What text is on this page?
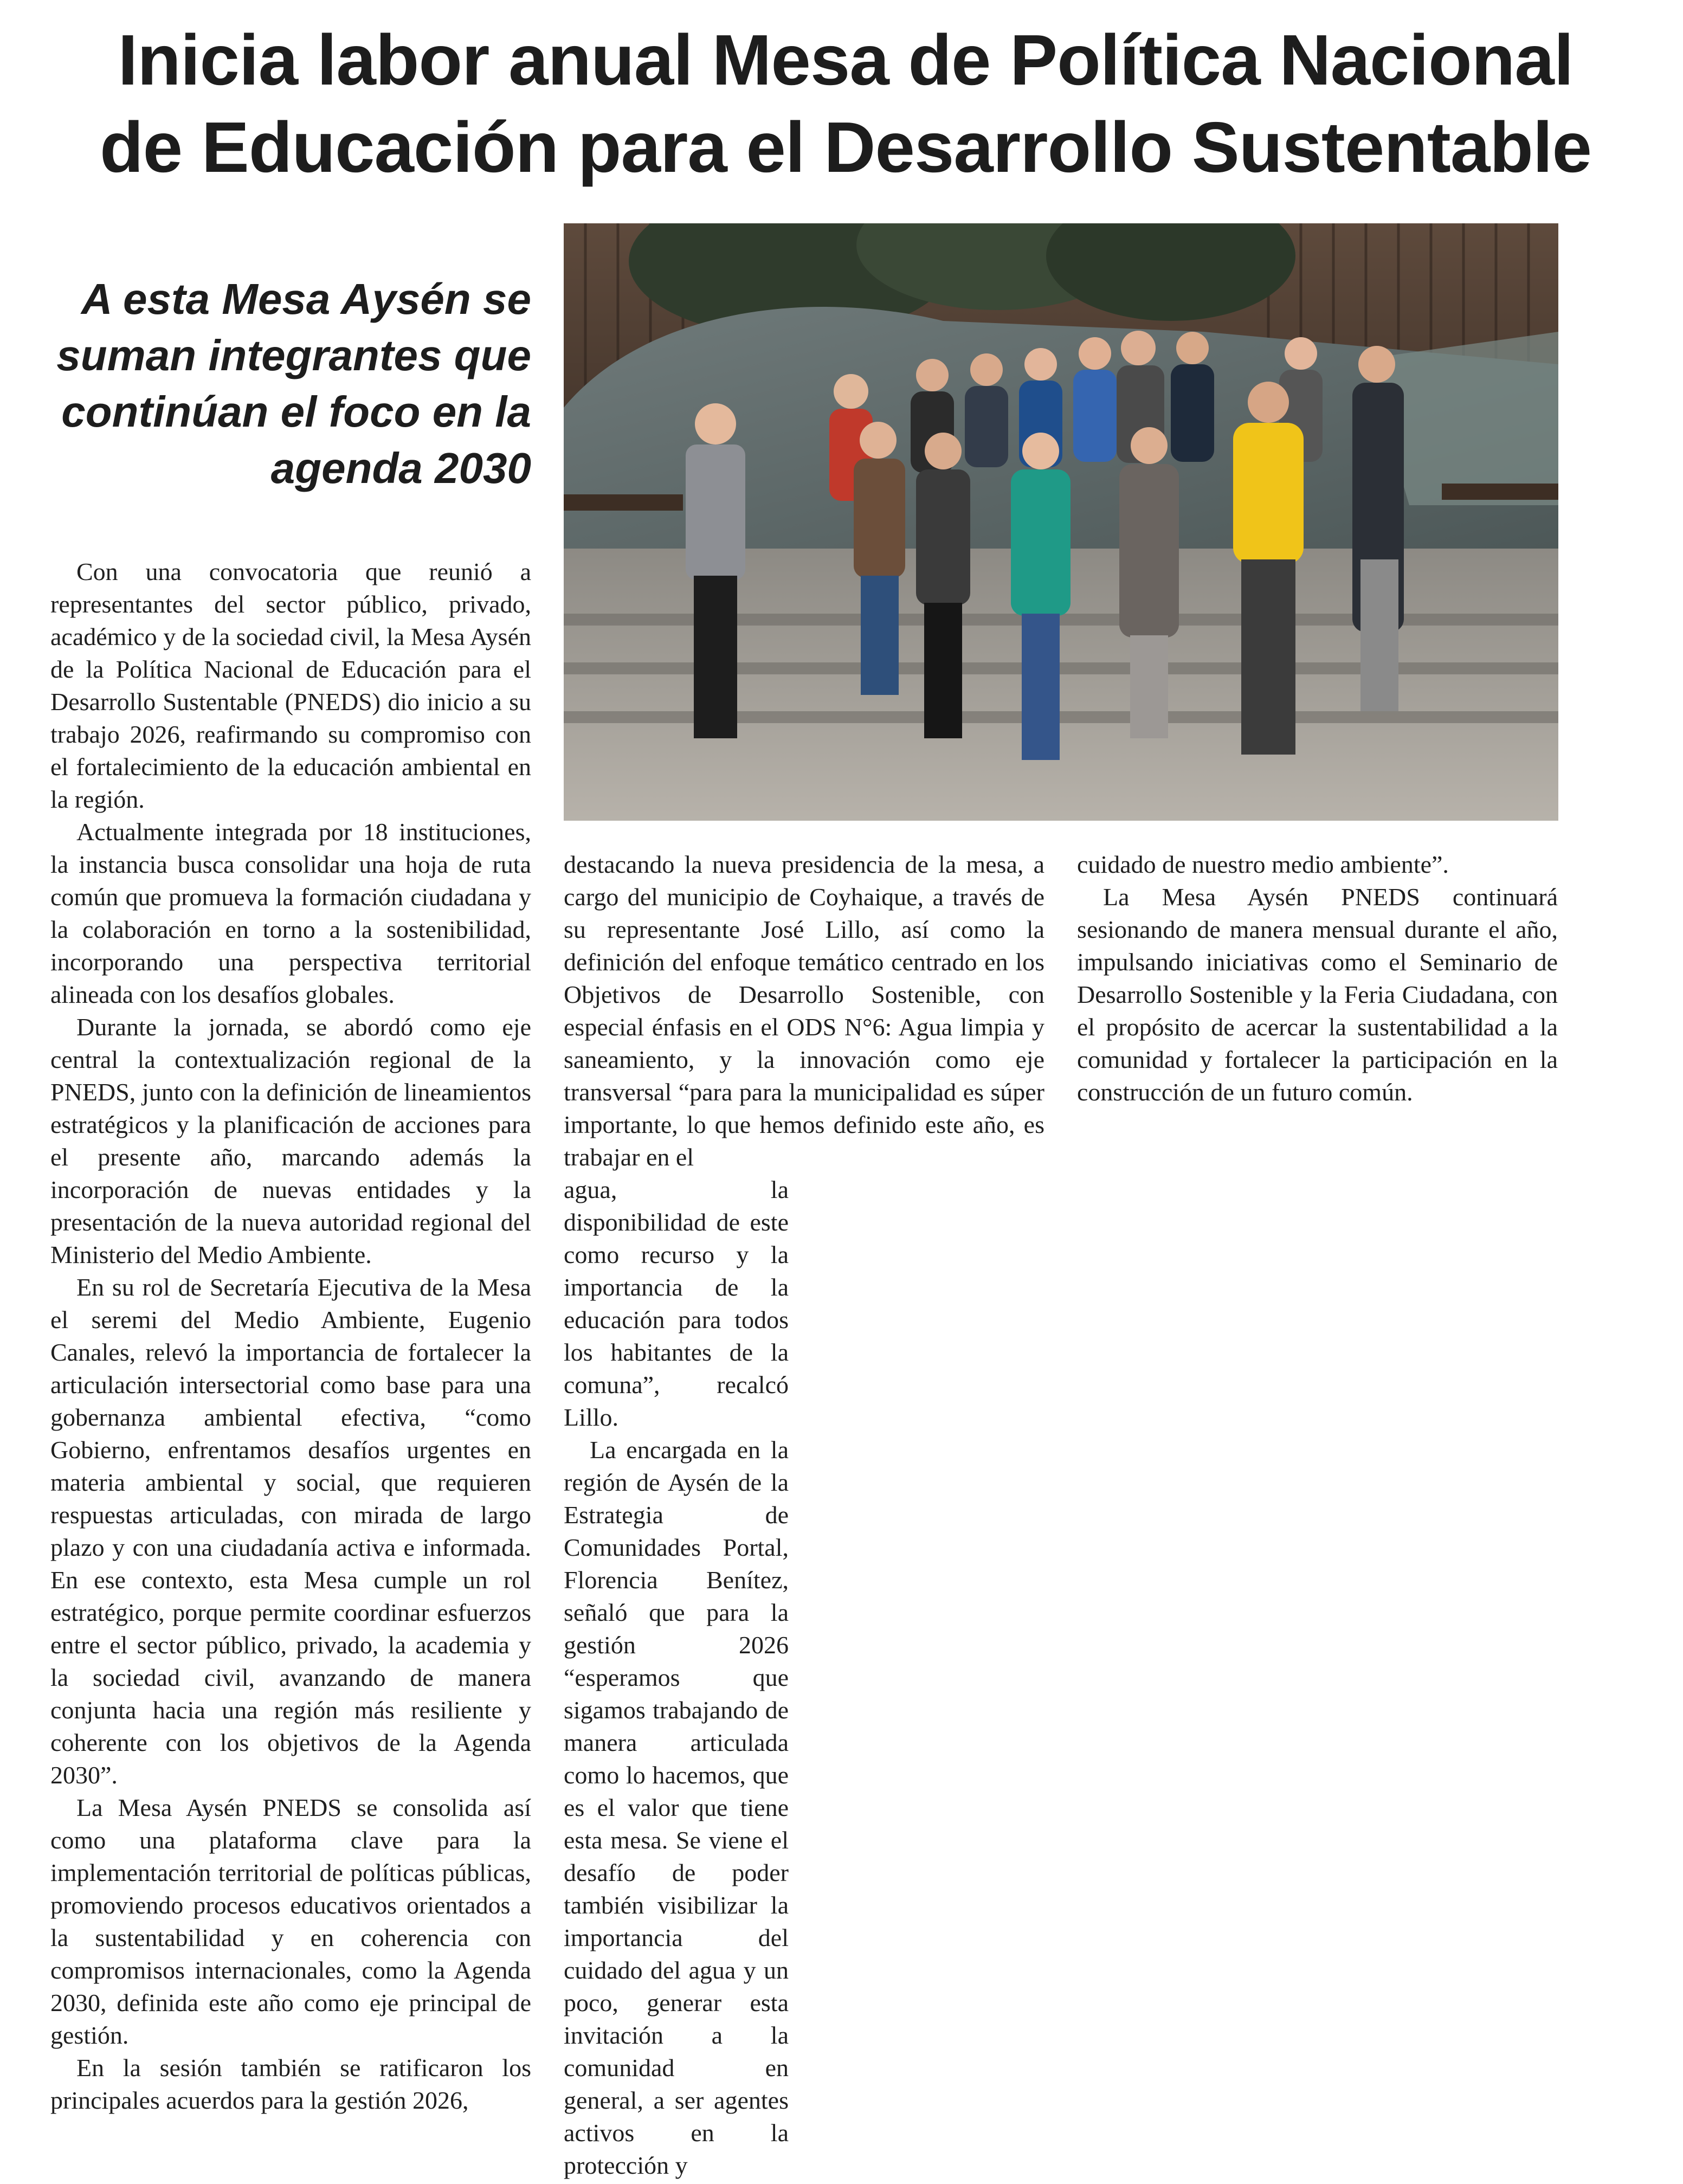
Inicia labor anual Mesa de Política Nacional de Educación para el Desarrollo Sustentable
A esta Mesa Aysén se suman integrantes que continúan el foco en la agenda 2030

Con una convocatoria que reunió a representantes del sector público, privado, académico y de la sociedad civil, la Mesa Aysén de la Política Nacional de Educación para el Desarrollo Sustentable (PNEDS) dio inicio a su trabajo 2026, reafirmando su compromiso con el fortalecimiento de la educación ambiental en la región.

Actualmente integrada por 18 instituciones, la instancia busca consolidar una hoja de ruta común que promueva la formación ciudadana y la colaboración en torno a la sostenibilidad, incorporando una perspectiva territorial alineada con los desafíos globales.

Durante la jornada, se abordó como eje central la contextualización regional de la PNEDS, junto con la definición de lineamientos estratégicos y la planificación de acciones para el presente año, marcando además la incorporación de nuevas entidades y la presentación de la nueva autoridad regional del Ministerio del Medio Ambiente.

En su rol de Secretaría Ejecutiva de la Mesa el seremi del Medio Ambiente, Eugenio Canales, relevó la importancia de fortalecer la articulación intersectorial como base para una gobernanza ambiental efectiva, “como Gobierno, enfrentamos desafíos urgentes en materia ambiental y social, que requieren respuestas articuladas, con mirada de largo plazo y con una ciudadanía activa e informada. En ese contexto, esta Mesa cumple un rol estratégico, porque permite coordinar esfuerzos entre el sector público, privado, la academia y la sociedad civil, avanzando de manera conjunta hacia una región más resiliente y coherente con los objetivos de la Agenda 2030”.

La Mesa Aysén PNEDS se consolida así como una plataforma clave para la implementación territorial de políticas públicas, promoviendo procesos educativos orientados a la sustentabilidad y en coherencia con compromisos internacionales, como la Agenda 2030, definida este año como eje principal de gestión.

En la sesión también se ratificaron los principales acuerdos para la gestión 2026,

destacando la nueva presidencia de la mesa, a cargo del municipio de Coyhaique, a través de su representante José Lillo, así como la definición del enfoque temático centrado en los Objetivos de Desarrollo Sostenible, con especial énfasis en el ODS N°6: Agua limpia y saneamiento, y la innovación como eje transversal “para para la municipalidad es súper importante, lo que hemos definido este año, es trabajar en el

agua, la disponibilidad de este como recurso y la importancia de la educación para todos los habitantes de la comuna”, recalcó Lillo.

La encargada en la región de Aysén de la Estrategia de Comunidades Portal, Florencia Benítez, señaló que para la gestión 2026 “esperamos que sigamos trabajando de manera articulada como lo hacemos, que es el valor que tiene esta mesa. Se viene el desafío de poder también visibilizar la importancia del cuidado del agua y un poco, generar esta invitación a la comunidad en general, a ser agentes activos en la protección y

cuidado de nuestro medio ambiente”.

La Mesa Aysén PNEDS continuará sesionando de manera mensual durante el año, impulsando iniciativas como el Seminario de Desarrollo Sostenible y la Feria Ciudadana, con el propósito de acercar la sustentabilidad a la comunidad y fortalecer la participación en la construcción de un futuro común.
